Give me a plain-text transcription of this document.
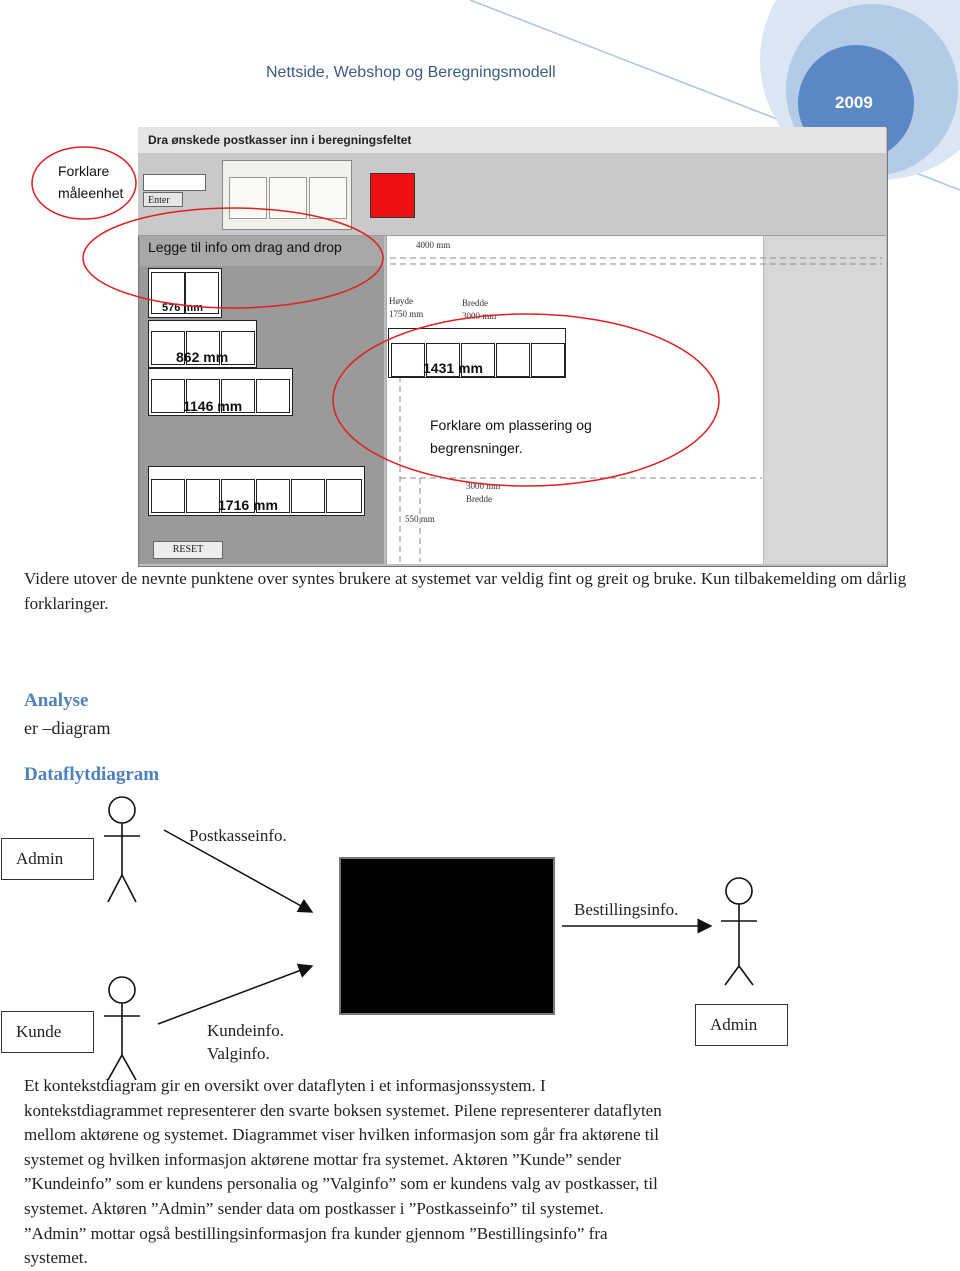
Nettside, Webshop og Beregningsmodell
2009
Dra ønskede postkasser inn i beregningsfeltet
Enter
Legge til info om drag and drop
576 mm
862 mm
1146 mm
1716 mm
RESET
4000 mm
Høyde
1750 mm
Bredde
3000 mm
1431 mm
Forklare om plassering og
begrensninger.
3000 mm
Bredde
550 mm
Forklare
måleenhet
Videre utover de nevnte punktene over syntes brukere at systemet var veldig fint og greit og bruke. Kun tilbakemelding om dårlig forklaringer.
Analyse
er –diagram
Dataflytdiagram
Admin
Kunde	Admin
Postkasseinfo.
Bestillingsinfo.
Kundeinfo.
Valginfo.
Et kontekstdiagram gir en oversikt over dataflyten i et informasjonssystem. I
kontekstdiagrammet representerer den svarte boksen systemet. Pilene representerer dataflyten
mellom aktørene og systemet. Diagrammet viser hvilken informasjon som går fra aktørene til
systemet og hvilken informasjon aktørene mottar fra systemet. Aktøren ”Kunde” sender
”Kundeinfo” som er kundens personalia og ”Valginfo” som er kundens valg av postkasser, til
systemet. Aktøren ”Admin” sender data om postkasser i ”Postkasseinfo” til systemet.
”Admin” mottar også bestillingsinformasjon fra kunder gjennom ”Bestillingsinfo” fra
systemet.
